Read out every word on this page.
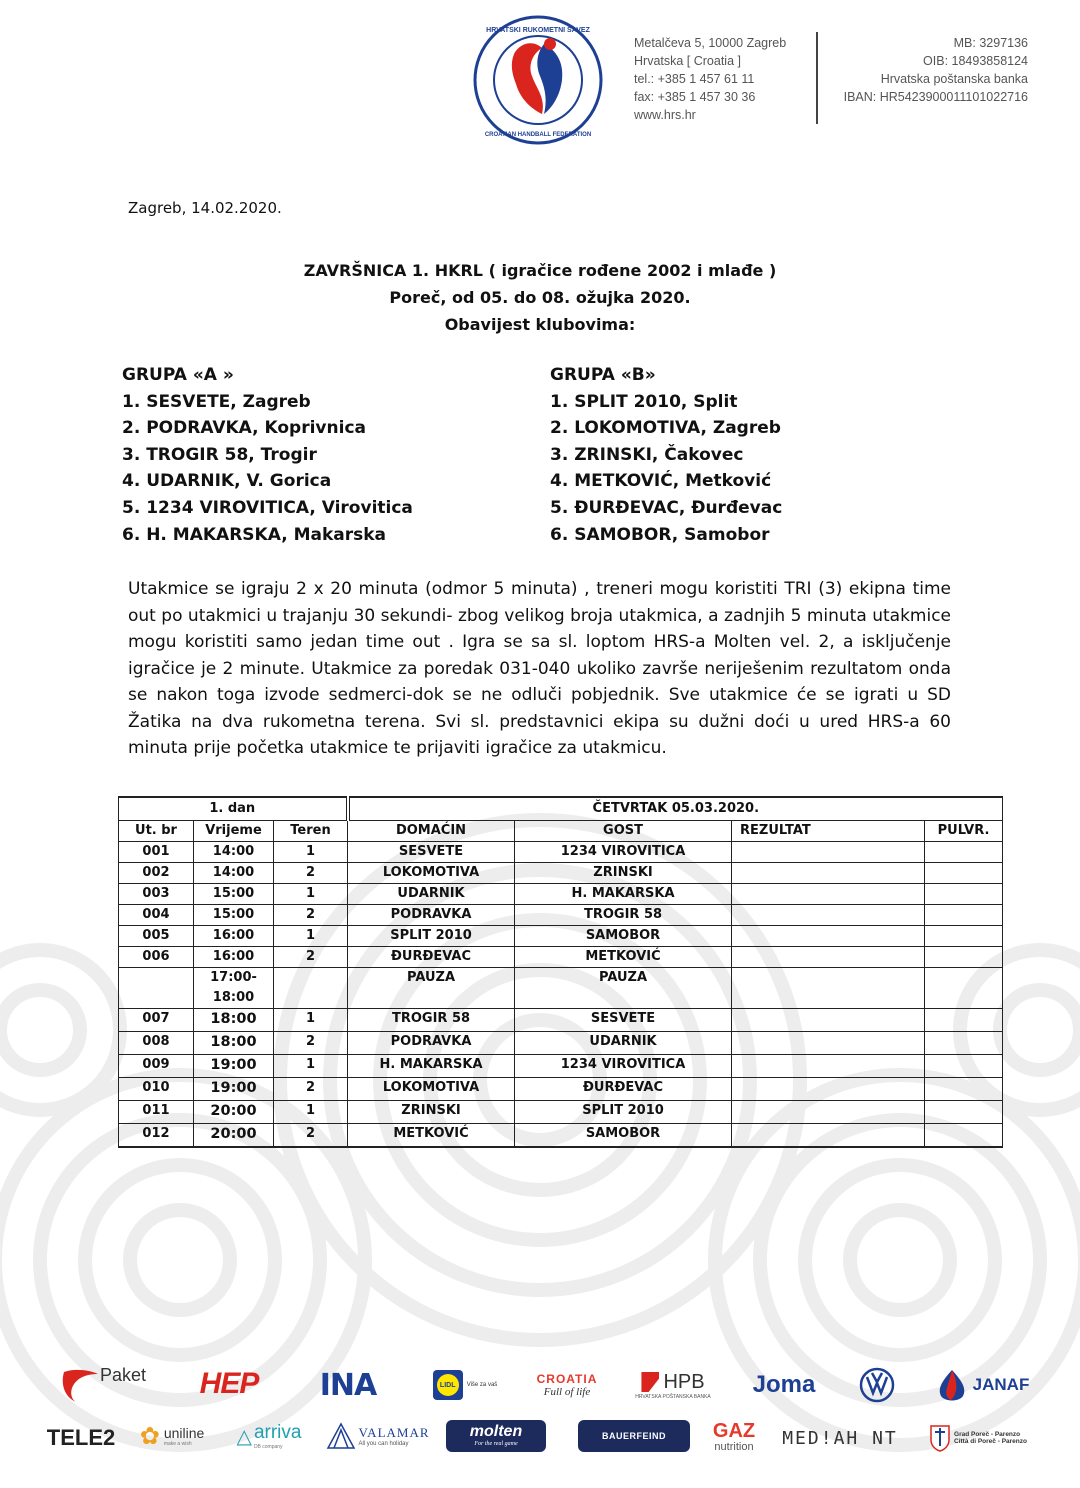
HRVATSKI RUKOMETNI SAVEZ
CROATIAN HANDBALL FEDERATION
Metalčeva 5, 10000 Zagreb
Hrvatska [ Croatia ]
tel.: +385 1 457 61 11
fax: +385 1 457 30 36
www.hrs.hr
MB: 3297136
OIB: 18493858124
Hrvatska poštanska banka
IBAN: HR5423900011101022716
Zagreb, 14.02.2020.
ZAVRŠNICA 1. HKRL ( igračice rođene 2002 i mlađe )
Poreč, od 05. do 08. ožujka 2020.
Obavijest klubovima:
GRUPA «A »
1. SESVETE, Zagreb
2. PODRAVKA, Koprivnica
3. TROGIR 58, Trogir
4. UDARNIK, V. Gorica
5. 1234 VIROVITICA, Virovitica
6. H. MAKARSKA, Makarska
GRUPA «B»
1. SPLIT 2010, Split
2. LOKOMOTIVA, Zagreb
3. ZRINSKI, Čakovec
4. METKOVIĆ, Metković
5. ĐURĐEVAC, Đurđevac
6. SAMOBOR, Samobor
Utakmice se igraju 2 x 20 minuta (odmor 5 minuta) , treneri mogu koristiti TRI (3) ekipna time out po utakmici u trajanju 30 sekundi- zbog velikog broja utakmica, a zadnjih 5 minuta utakmice mogu koristiti samo jedan time out . Igra se sa sl. loptom HRS-a Molten vel. 2, a isključenje igračice je 2 minute. Utakmice za poredak 031-040 ukoliko završe neriješenim rezultatom onda se nakon toga izvode sedmerci-dok se ne odluči pobjednik. Sve utakmice će se igrati u SD Žatika na dva rukometna terena. Svi sl. predstavnici ekipa su dužni doći u ured HRS-a 60 minuta prije početka utakmice te prijaviti igračice za utakmicu.
1. dan			ČETVRTAK 05.03.2020.			
Ut. br	Vrijeme	Teren	DOMAĆIN	GOST	REZULTAT	PULVR.
001	14:00	1	SESVETE	1234 VIROVITICA		
002	14:00	2	LOKOMOTIVA	ZRINSKI		
003	15:00	1	UDARNIK	H. MAKARSKA		
004	15:00	2	PODRAVKA	TROGIR 58		
005	16:00	1	SPLIT 2010	SAMOBOR		
006	16:00	2	ĐURĐEVAC	METKOVIĆ		

	17:00-
18:00		PAUZA	PAUZA		
007	18:00	1	TROGIR 58	SESVETE		
008	18:00	2	PODRAVKA	UDARNIK		
009	19:00	1	H. MAKARSKA	1234 VIROVITICA		
010	19:00	2	LOKOMOTIVA	ĐURĐEVAC		
011	20:00	1	ZRINSKI	SPLIT 2010		
012	20:00	2	METKOVIĆ	SAMOBOR		
Paket HEP INA	LIDL	Više za vaš	CROATIA
Full of life	HPB
HRVATSKA POŠTANSKA BANKA Joma	JANAF
TELE2 ✿ uniline
make a wish △ arriva
DB company
VALAMAR
All you can holiday
molten
For the real game
BAUERFEIND GAZ
nutrition MED!AH NT	Grad Poreč - Parenzo
Città di Poreč - Parenzo
